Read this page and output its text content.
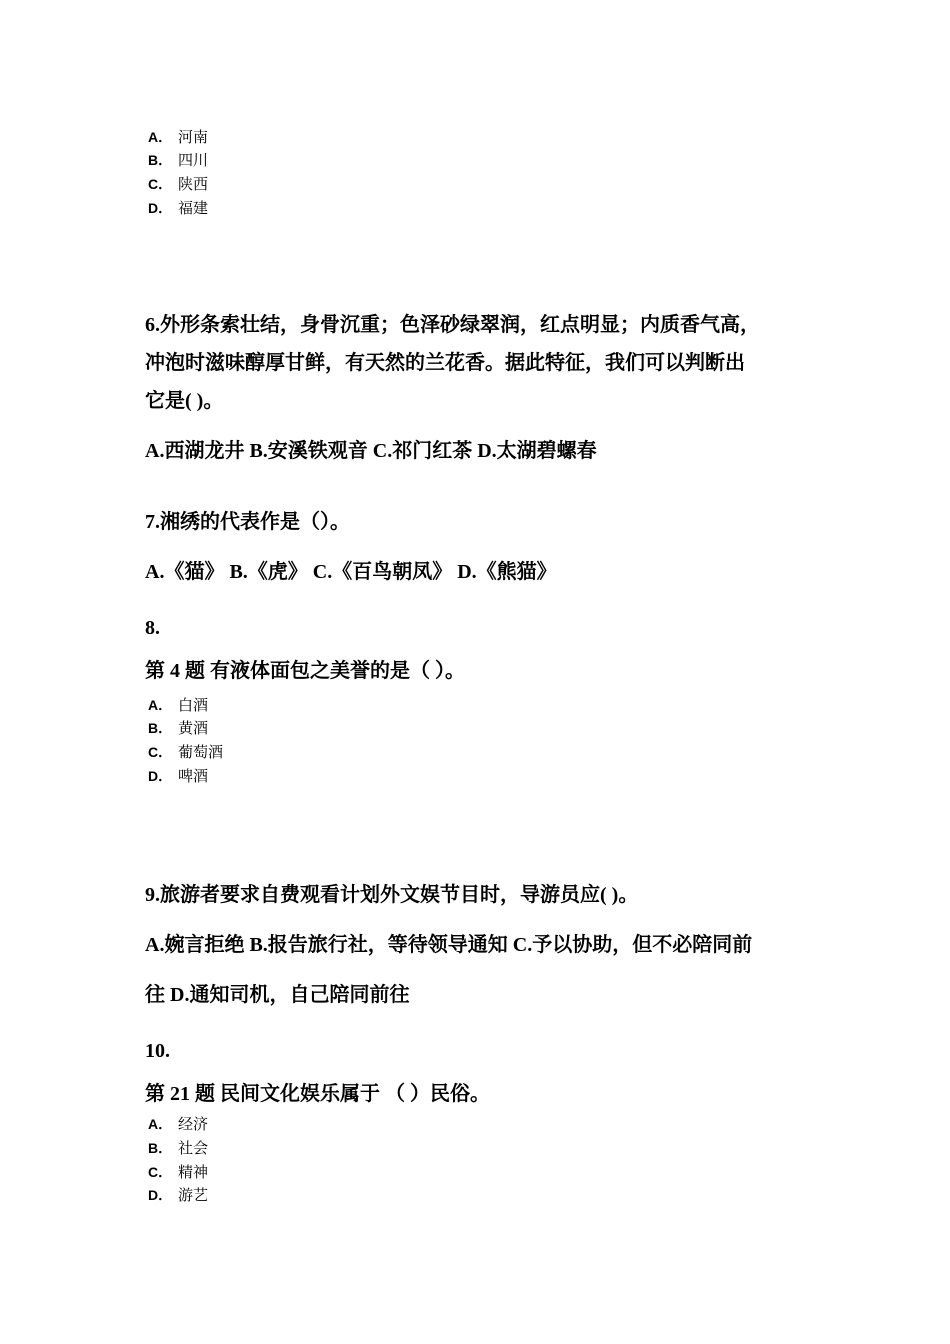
A． 河南
B． 四川
C． 陕西
D． 福建
6.外形条索壮结，身骨沉重；色泽砂绿翠润，红点明显；内质香气高，
冲泡时滋味醇厚甘鲜，有天然的兰花香。据此特征，我们可以判断出
它是( )。
A.西湖龙井 B.安溪铁观音 C.祁门红茶 D.太湖碧螺春
7.湘绣的代表作是（）。
A.《猫》 B.《虎》 C.《百鸟朝凤》 D.《熊猫》
8.
第 4 题 有液体面包之美誉的是（ ）。
A． 白酒
B． 黄酒
C． 葡萄酒
D． 啤酒
9.旅游者要求自费观看计划外文娱节目时，导游员应( )。
A.婉言拒绝 B.报告旅行社，等待领导通知 C.予以协助，但不必陪同前
往 D.通知司机，自己陪同前往
10.
第 21 题 民间文化娱乐属于 （ ）民俗。
A． 经济
B． 社会
C． 精神
D． 游艺
